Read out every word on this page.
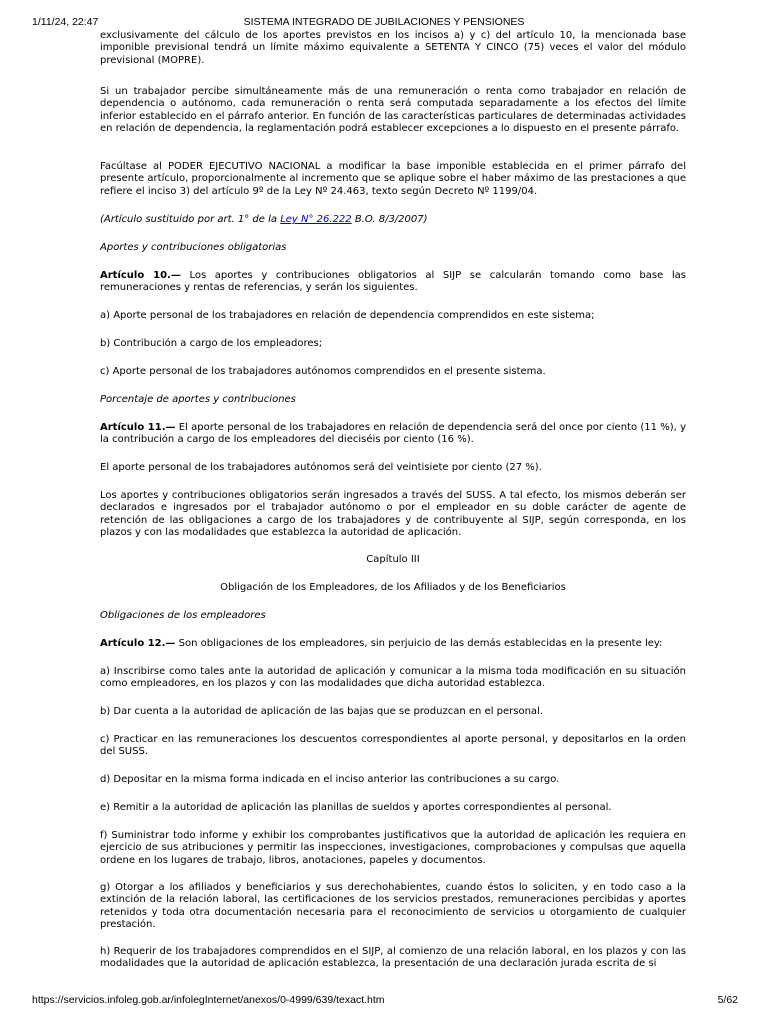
1/11/24, 22:47	SISTEMA INTEGRADO DE JUBILACIONES Y PENSIONES

exclusivamente del cálculo de los aportes previstos en los incisos a) y c) del artículo 10, la mencionada base imponible previsional tendrá un límite máximo equivalente a SETENTA Y CINCO (75) veces el valor del módulo previsional (MOPRE).

Si un trabajador percibe simultáneamente más de una remuneración o renta como trabajador en relación de dependencia o autónomo, cada remuneración o renta será computada separadamente a los efectos del límite inferior establecido en el párrafo anterior. En función de las características particulares de determinadas actividades en relación de dependencia, la reglamentación podrá establecer excepciones a lo dispuesto en el presente párrafo.

Facúltase al PODER EJECUTIVO NACIONAL a modificar la base imponible establecida en el primer párrafo del presente artículo, proporcionalmente al incremento que se aplique sobre el haber máximo de las prestaciones a que refiere el inciso 3) del artículo 9º de la Ley Nº 24.463, texto según Decreto Nº 1199/04.

(Artículo sustituido por art. 1° de la Ley N° 26.222 B.O. 8/3/2007)

Aportes y contribuciones obligatorias

Artículo 10.— Los aportes y contribuciones obligatorios al SIJP se calcularán tomando como base las remuneraciones y rentas de referencias, y serán los siguientes.

a) Aporte personal de los trabajadores en relación de dependencia comprendidos en este sistema;

b) Contribución a cargo de los empleadores;

c) Aporte personal de los trabajadores autónomos comprendidos en el presente sistema.

Porcentaje de aportes y contribuciones

Artículo 11.— El aporte personal de los trabajadores en relación de dependencia será del once por ciento (11 %), y la contribución a cargo de los empleadores del dieciséis por ciento (16 %).

El aporte personal de los trabajadores autónomos será del veintisiete por ciento (27 %).

Los aportes y contribuciones obligatorios serán ingresados a través del SUSS. A tal efecto, los mismos deberán ser declarados e ingresados por el trabajador autónomo o por el empleador en su doble carácter de agente de retención de las obligaciones a cargo de los trabajadores y de contribuyente al SIJP, según corresponda, en los plazos y con las modalidades que establezca la autoridad de aplicación.

Capítulo III

Obligación de los Empleadores, de los Afiliados y de los Beneficiarios

Obligaciones de los empleadores

Artículo 12.— Son obligaciones de los empleadores, sin perjuicio de las demás establecidas en la presente ley:

a) Inscribirse como tales ante la autoridad de aplicación y comunicar a la misma toda modificación en su situación como empleadores, en los plazos y con las modalidades que dicha autoridad establezca.

b) Dar cuenta a la autoridad de aplicación de las bajas que se produzcan en el personal.

c) Practicar en las remuneraciones los descuentos correspondientes al aporte personal, y depositarlos en la orden del SUSS.

d) Depositar en la misma forma indicada en el inciso anterior las contribuciones a su cargo.

e) Remitir a la autoridad de aplicación las planillas de sueldos y aportes correspondientes al personal.

f) Suministrar todo informe y exhibir los comprobantes justificativos que la autoridad de aplicación les requiera en ejercicio de sus atribuciones y permitir las inspecciones, investigaciones, comprobaciones y compulsas que aquella ordene en los lugares de trabajo, libros, anotaciones, papeles y documentos.

g) Otorgar a los afiliados y beneficiarios y sus derechohabientes, cuando éstos lo soliciten, y en todo caso a la extinción de la relación laboral, las certificaciones de los servicios prestados, remuneraciones percibidas y aportes retenidos y toda otra documentación necesaria para el reconocimiento de servicios u otorgamiento de cualquier prestación.

h) Requerir de los trabajadores comprendidos en el SIJP, al comienzo de una relación laboral, en los plazos y con las modalidades que la autoridad de aplicación establezca, la presentación de una declaración jurada escrita de si

https://servicios.infoleg.gob.ar/infolegInternet/anexos/0-4999/639/texact.htm	5/62
